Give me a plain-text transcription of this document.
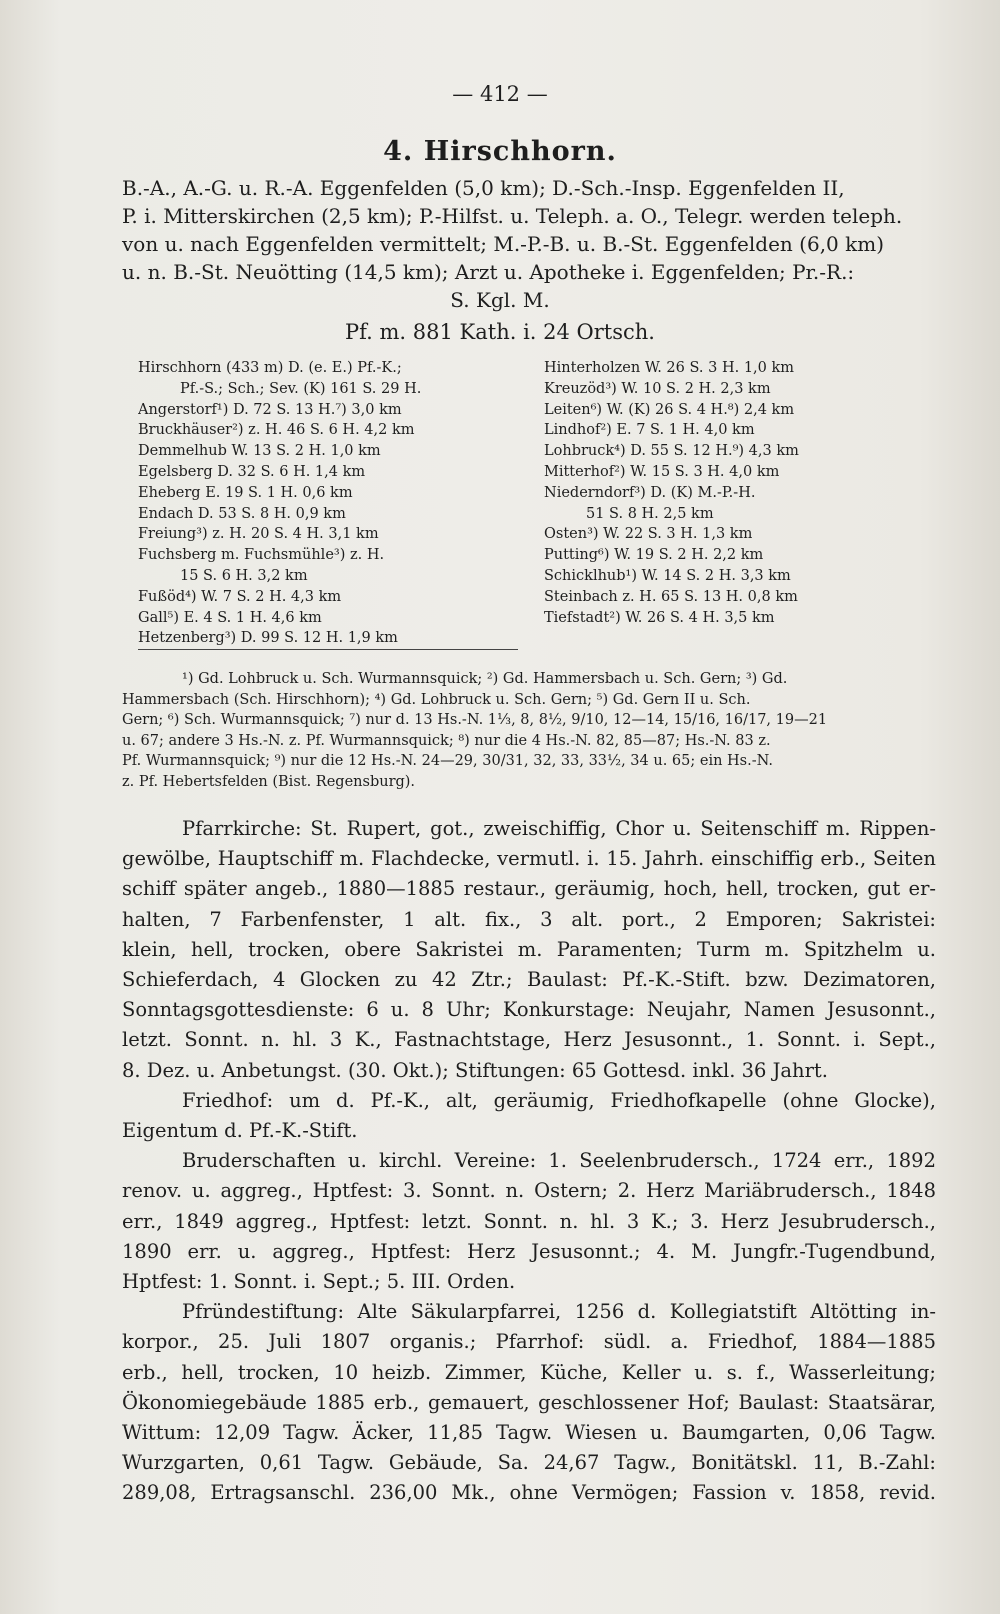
— 412 —
4. Hirschhorn.
B.-A., A.-G. u. R.-A. Eggenfelden (5,0 km); D.-Sch.-Insp. Eggenfelden II,
P. i. Mitterskirchen (2,5 km); P.-Hilfst. u. Teleph. a. O., Telegr. werden teleph.
von u. nach Eggenfelden vermittelt; M.-P.-B. u. B.-St. Eggenfelden (6,0 km)
u. n. B.-St. Neuötting (14,5 km); Arzt u. Apotheke i. Eggenfelden; Pr.-R.:
S. Kgl. M.
Pf. m. 881 Kath. i. 24 Ortsch.
Hirschhorn (433 m) D. (e. E.) Pf.-K.;
Pf.-S.; Sch.; Sev. (K) 161 S. 29 H.
Angerstorf¹) D. 72 S. 13 H.⁷) 3,0 km
Bruckhäuser²) z. H. 46 S. 6 H. 4,2 km
Demmelhub W. 13 S. 2 H. 1,0 km
Egelsberg D. 32 S. 6 H. 1,4 km
Eheberg E. 19 S. 1 H. 0,6 km
Endach D. 53 S. 8 H. 0,9 km
Freiung³) z. H. 20 S. 4 H. 3,1 km
Fuchsberg m. Fuchsmühle³) z. H.
15 S. 6 H. 3,2 km
Fußöd⁴) W. 7 S. 2 H. 4,3 km
Gall⁵) E. 4 S. 1 H. 4,6 km
Hetzenberg³) D. 99 S. 12 H. 1,9 km
Hinterholzen W. 26 S. 3 H. 1,0 km
Kreuzöd³) W. 10 S. 2 H. 2,3 km
Leiten⁶) W. (K) 26 S. 4 H.⁸) 2,4 km
Lindhof²) E. 7 S. 1 H. 4,0 km
Lohbruck⁴) D. 55 S. 12 H.⁹) 4,3 km
Mitterhof²) W. 15 S. 3 H. 4,0 km
Niederndorf³) D. (K) M.-P.-H.
51 S. 8 H. 2,5 km
Osten³) W. 22 S. 3 H. 1,3 km
Putting⁶) W. 19 S. 2 H. 2,2 km
Schicklhub¹) W. 14 S. 2 H. 3,3 km
Steinbach z. H. 65 S. 13 H. 0,8 km
Tiefstadt²) W. 26 S. 4 H. 3,5 km
¹) Gd. Lohbruck u. Sch. Wurmannsquick; ²) Gd. Hammersbach u. Sch. Gern; ³) Gd.
Hammersbach (Sch. Hirschhorn); ⁴) Gd. Lohbruck u. Sch. Gern; ⁵) Gd. Gern II u. Sch.
Gern; ⁶) Sch. Wurmannsquick; ⁷) nur d. 13 Hs.-N. 1⅓, 8, 8½, 9/10, 12—14, 15/16, 16/17, 19—21
u. 67; andere 3 Hs.-N. z. Pf. Wurmannsquick; ⁸) nur die 4 Hs.-N. 82, 85—87; Hs.-N. 83 z.
Pf. Wurmannsquick; ⁹) nur die 12 Hs.-N. 24—29, 30/31, 32, 33, 33½, 34 u. 65; ein Hs.-N.
z. Pf. Hebertsfelden (Bist. Regensburg).
Pfarrkirche: St. Rupert, got., zweischiffig, Chor u. Seitenschiff m. Rippen-
gewölbe, Hauptschiff m. Flachdecke, vermutl. i. 15. Jahrh. einschiffig erb., Seiten
schiff später angeb., 1880—1885 restaur., geräumig, hoch, hell, trocken, gut er-
halten, 7 Farbenfenster, 1 alt. fix., 3 alt. port., 2 Emporen; Sakristei:
klein, hell, trocken, obere Sakristei m. Paramenten; Turm m. Spitzhelm u.
Schieferdach, 4 Glocken zu 42 Ztr.; Baulast: Pf.-K.-Stift. bzw. Dezimatoren,
Sonntagsgottesdienste: 6 u. 8 Uhr; Konkurstage: Neujahr, Namen Jesusonnt.,
letzt. Sonnt. n. hl. 3 K., Fastnachtstage, Herz Jesusonnt., 1. Sonnt. i. Sept.,
8. Dez. u. Anbetungst. (30. Okt.); Stiftungen: 65 Gottesd. inkl. 36 Jahrt.
Friedhof: um d. Pf.-K., alt, geräumig, Friedhofkapelle (ohne Glocke),
Eigentum d. Pf.-K.-Stift.
Bruderschaften u. kirchl. Vereine: 1. Seelenbrudersch., 1724 err., 1892
renov. u. aggreg., Hptfest: 3. Sonnt. n. Ostern; 2. Herz Mariäbrudersch., 1848
err., 1849 aggreg., Hptfest: letzt. Sonnt. n. hl. 3 K.; 3. Herz Jesubrudersch.,
1890 err. u. aggreg., Hptfest: Herz Jesusonnt.; 4. M. Jungfr.-Tugendbund,
Hptfest: 1. Sonnt. i. Sept.; 5. III. Orden.
Pfründestiftung: Alte Säkularpfarrei, 1256 d. Kollegiatstift Altötting in-
korpor., 25. Juli 1807 organis.; Pfarrhof: südl. a. Friedhof, 1884—1885
erb., hell, trocken, 10 heizb. Zimmer, Küche, Keller u. s. f., Wasserleitung;
Ökonomiegebäude 1885 erb., gemauert, geschlossener Hof; Baulast: Staatsärar,
Wittum: 12,09 Tagw. Äcker, 11,85 Tagw. Wiesen u. Baumgarten, 0,06 Tagw.
Wurzgarten, 0,61 Tagw. Gebäude, Sa. 24,67 Tagw., Bonitätskl. 11, B.-Zahl:
289,08, Ertragsanschl. 236,00 Mk., ohne Vermögen; Fassion v. 1858, revid.
